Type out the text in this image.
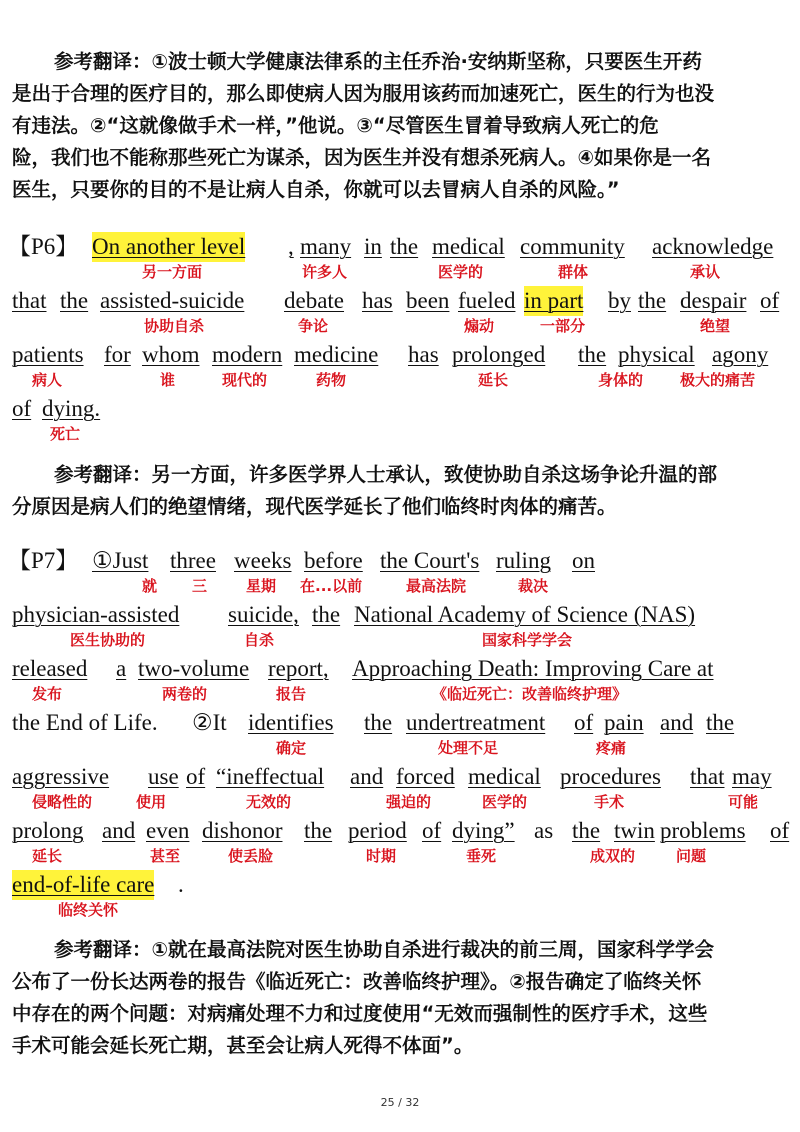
参考翻译：①波士顿大学健康法律系的主任乔治·安纳斯坚称，只要医生开药
是出于合理的医疗目的，那么即使病人因为服用该药而加速死亡，医生的行为也没
有违法。②“这就像做手术一样，”他说。③“尽管医生冒着导致病人死亡的危
险，我们也不能称那些死亡为谋杀，因为医生并没有想杀死病人。④如果你是一名
医生，只要你的目的不是让病人自杀，你就可以去冒病人自杀的风险。”
【P6】 On another level , many in the medical community acknowledge
另一方面	许多人	医学的	群体	承认
that the assisted-suicide debate has been fueled in part by the despair of
协助自杀	争论	煽动	一部分	绝望
patients for whom modern medicine has prolonged the physical agony
病人	谁	现代的	药物	延长	身体的 极大的痛苦
of dying.
死亡
参考翻译：另一方面，许多医学界人士承认，致使协助自杀这场争论升温的部
分原因是病人们的绝望情绪，现代医学延长了他们临终时肉体的痛苦。
【P7】 ①Just three weeks before the Court's ruling on
就 三	星期 在...以前	最高法院	裁决
physician-assisted suicide, the National Academy of Science (NAS)
医生协助的	自杀	国家科学学会
released a two-volume report, Approaching Death: Improving Care at
发布	两卷的	报告	《临近死亡：改善临终护理》
the End of Life. ②It identifies the undertreatment of pain and the
确定	处理不足	疼痛
aggressive use of “ineffectual and forced medical procedures that may
侵略性的	使用	无效的	强迫的	医学的	手术	可能
prolong and even dishonor the period of dying” as the twin problems of
延长	甚至	使丢脸	时期	垂死	成双的	问题
end-of-life care .
临终关怀
参考翻译：①就在最高法院对医生协助自杀进行裁决的前三周，国家科学学会
公布了一份长达两卷的报告《临近死亡：改善临终护理》。②报告确定了临终关怀
中存在的两个问题：对病痛处理不力和过度使用“无效而强制性的医疗手术，这些
手术可能会延长死亡期，甚至会让病人死得不体面”。
25 / 32
